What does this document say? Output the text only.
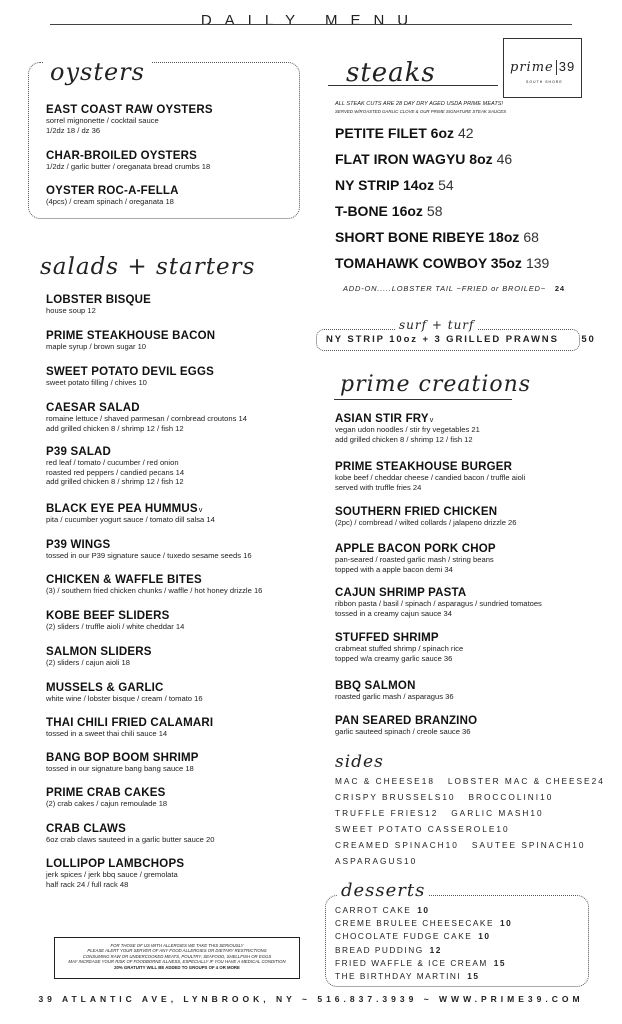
DAILY MENU
oysters
EAST COAST RAW OYSTERS
sorrel mignonette / cocktail sauce
1/2dz 18 / dz 36
CHAR-BROILED OYSTERS
1/2dz / garlic butter / oreganata bread crumbs 18
OYSTER ROC-A-FELLA
(4pcs) / cream spinach / oreganata 18
salads + starters
LOBSTER BISQUE
house soup 12
PRIME STEAKHOUSE BACON
maple syrup / brown sugar 10
SWEET POTATO DEVIL EGGS
sweet potato filling / chives 10
CAESAR SALAD
romaine lettuce / shaved parmesan / cornbread croutons 14
add grilled chicken 8 / shrimp 12 / fish 12
P39 SALAD
red leaf / tomato / cucumber / red onion
roasted red peppers / candied pecans 14
add grilled chicken 8 / shrimp 12 / fish 12
BLACK EYE PEA HUMMUSv
pita / cucumber yogurt sauce / tomato dill salsa 14
P39 WINGS
tossed in our P39 signature sauce / tuxedo sesame seeds 16
CHICKEN & WAFFLE BITES
(3) / southern fried chicken chunks / waffle / hot honey drizzle 16
KOBE BEEF SLIDERS
(2) sliders / truffle aioli / white cheddar 14
SALMON SLIDERS
(2) sliders / cajun aioli 18
MUSSELS & GARLIC
white wine / lobster bisque / cream / tomato 16
THAI CHILI FRIED CALAMARI
tossed in a sweet thai chili sauce 14
BANG BOP BOOM SHRIMP
tossed in our signature bang bang sauce 18
PRIME CRAB CAKES
(2) crab cakes / cajun remoulade 18
CRAB CLAWS
6oz crab claws sauteed in a garlic butter sauce 20
LOLLIPOP LAMBCHOPS
jerk spices / jerk bbq sauce / gremolata
half rack 24 / full rack 48
steaks	prime 39
SOUTH SHORE
ALL STEAK CUTS ARE 28 DAY DRY AGED USDA PRIME MEATS!
SERVED W/ROASTED GARLIC CLOVE & OUR PRIME SIGNATURE STEAK SAUCES
PETITE FILET 6oz 42
FLAT IRON WAGYU 8oz 46
NY STRIP 14oz 54
T-BONE 16oz 58
SHORT BONE RIBEYE 18oz 68
TOMAHAWK COWBOY 35oz 139
ADD-ON.....LOBSTER TAIL ~FRIED or BROILED~ 24
surf + turf
NY STRIP 10oz + 3 GRILLED PRAWNS 50
prime creations
ASIAN STIR FRYv
vegan udon noodles / stir fry vegetables 21
add grilled chicken 8 / shrimp 12 / fish 12
PRIME STEAKHOUSE BURGER
kobe beef / cheddar cheese / candied bacon / truffle aioli
served with truffle fries 24
SOUTHERN FRIED CHICKEN
(2pc) / cornbread / wilted collards / jalapeno drizzle 26
APPLE BACON PORK CHOP
pan-seared / roasted garlic mash / string beans
topped with a apple bacon demi 34
CAJUN SHRIMP PASTA
ribbon pasta / basil / spinach / asparagus / sundried tomatoes
tossed in a creamy cajun sauce 34
STUFFED SHRIMP
crabmeat stuffed shrimp / spinach rice
topped w/a creamy garlic sauce 36
BBQ SALMON
roasted garlic mash / asparagus 36
PAN SEARED BRANZINO
garlic sauteed spinach / creole sauce 36
sides
MAC & CHEESE18   LOBSTER MAC & CHEESE24
CRISPY BRUSSELS10   BROCCOLINI10
TRUFFLE FRIES12   GARLIC MASH10
SWEET POTATO CASSEROLE10
CREAMED SPINACH10   SAUTEE SPINACH10
ASPARAGUS10
desserts
CARROT CAKE 10
CREME BRULEE CHEESECAKE 10
CHOCOLATE FUDGE CAKE 10
BREAD PUDDING 12
FRIED WAFFLE & ICE CREAM 15
THE BIRTHDAY MARTINI 15
FOR THOSE OF US WITH ALLERGIES WE TAKE THIS SERIOUSLY
PLEASE ALERT YOUR SERVER OF ANY FOOD ALLERGIES OR DIETARY RESTRICTIONS
CONSUMING RAW OR UNDERCOOKED MEATS, POULTRY, SEAFOOD, SHELLFISH OR EGGS
MAY INCREASE YOUR RISK OF FOODBORNE ILLNESS, ESPECIALLY IF YOU HAVE A MEDICAL CONDITION
20% GRATUITY WILL BE ADDED TO GROUPS OF 4 OR MORE
39 ATLANTIC AVE, LYNBROOK, NY ~ 516.837.3939 ~ WWW.PRIME39.COM
